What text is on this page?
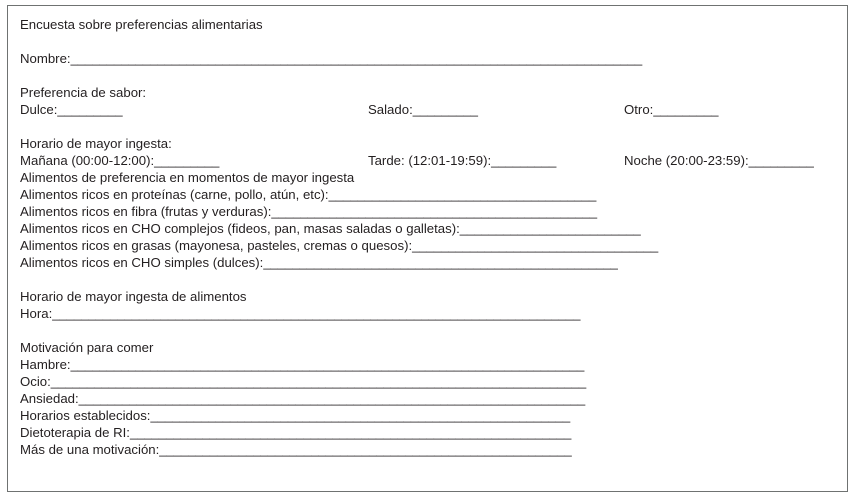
Encuesta sobre preferencias alimentarias

Nombre:_______________________________________________________________________________

Preferencia de sabor:

Dulce:_________

	Salado:_________

	Otro:_________

Horario de mayor ingesta:

Mañana (00:00-12:00):_________

	Tarde: (12:01-19:59):_________

	Noche (20:00-23:59):_________

Alimentos de preferencia en momentos de mayor ingesta
Alimentos ricos en proteínas (carne, pollo, atún, etc):_____________________________________
Alimentos ricos en fibra (frutas y verduras):_____________________________________________
Alimentos ricos en CHO complejos (fideos, pan, masas saladas o galletas):_________________________
Alimentos ricos en grasas (mayonesa, pasteles, cremas o quesos):__________________________________
Alimentos ricos en CHO simples (dulces):_________________________________________________
Horario de mayor ingesta de alimentos
Hora:_________________________________________________________________________
Motivación para comer
Hambre:_______________________________________________________________________
Ocio:__________________________________________________________________________
Ansiedad:______________________________________________________________________
Horarios establecidos:__________________________________________________________
Dietoterapia de RI:_____________________________________________________________
Más de una motivación:_________________________________________________________
